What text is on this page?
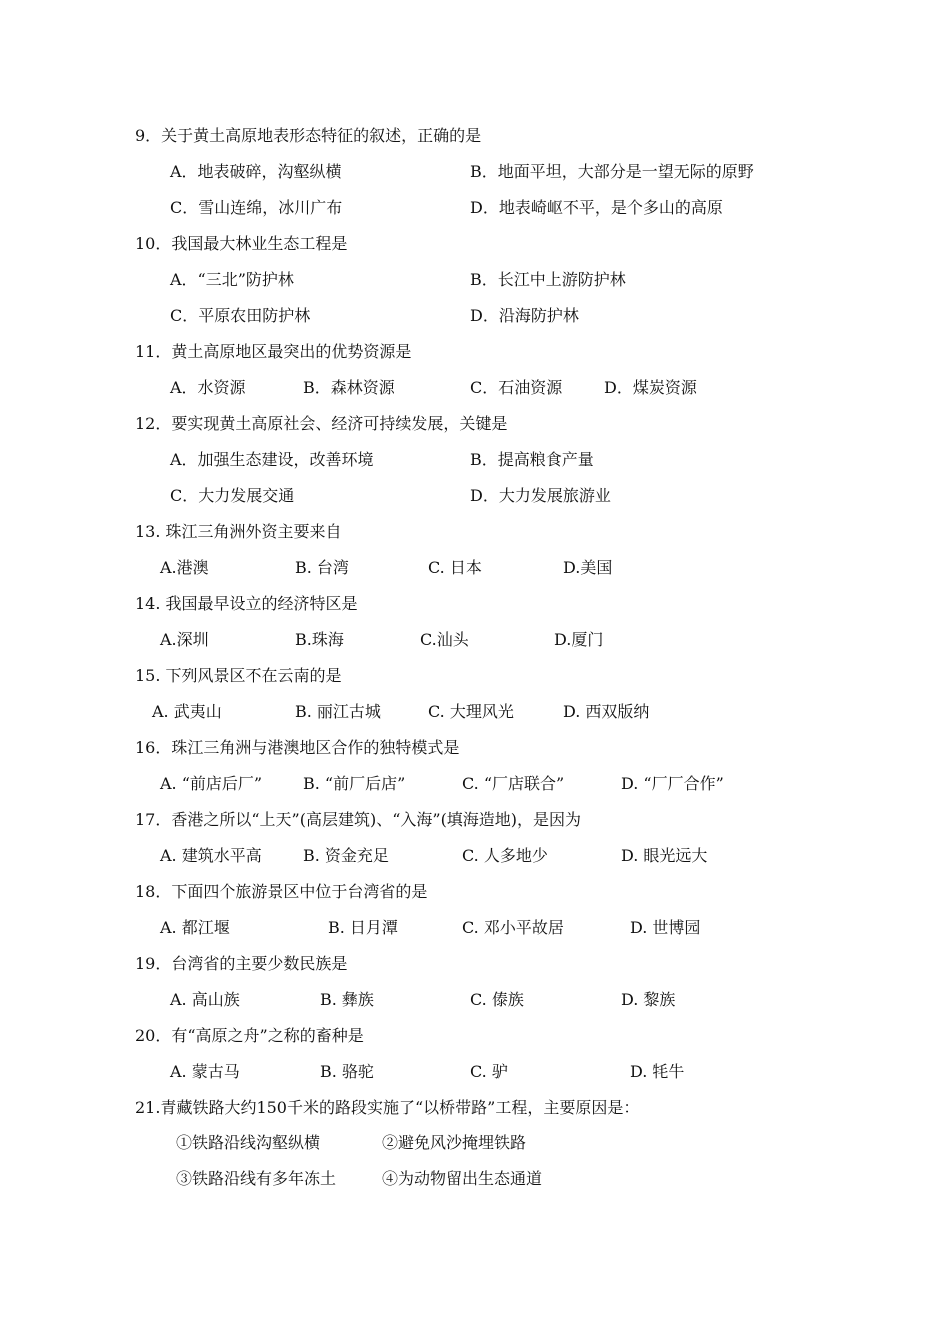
9．关于黄土高原地表形态特征的叙述，正确的是
A．地表破碎，沟壑纵横	B．地面平坦，大部分是一望无际的原野
C．雪山连绵，冰川广布	D．地表崎岖不平，是个多山的高原
10．我国最大林业生态工程是
A．“三北”防护林	B．长江中上游防护林
C．平原农田防护林	D．沿海防护林
11．黄土高原地区最突出的优势资源是
A．水资源	B．森林资源	C．石油资源	D．煤炭资源
12．要实现黄土高原社会、经济可持续发展，关键是
A．加强生态建设，改善环境	B．提高粮食产量
C．大力发展交通	D．大力发展旅游业
13. 珠江三角洲外资主要来自
A.港澳	B. 台湾	C. 日本	D.美国
14. 我国最早设立的经济特区是
A.深圳	B.珠海	C.汕头	D.厦门
15. 下列风景区不在云南的是
A. 武夷山	B. 丽江古城	C. 大理风光	D. 西双版纳
16．珠江三角洲与港澳地区合作的独特模式是
A. “前店后厂”	B. “前厂后店”	C. “厂店联合”	D. “厂厂合作”
17．香港之所以“上天”(高层建筑)、“入海”(填海造地)，是因为
A. 建筑水平高	B. 资金充足	C. 人多地少	D. 眼光远大
18．下面四个旅游景区中位于台湾省的是
A. 都江堰	B. 日月潭	C. 邓小平故居	D. 世博园
19．台湾省的主要少数民族是
A. 高山族	B. 彝族	C. 傣族	D. 黎族
20．有“高原之舟”之称的畜种是
A. 蒙古马	B. 骆驼	C. 驴	D. 牦牛
21.青藏铁路大约150千米的路段实施了“以桥带路”工程，主要原因是：
①铁路沿线沟壑纵横	②避免风沙掩埋铁路
③铁路沿线有多年冻土	④为动物留出生态通道
